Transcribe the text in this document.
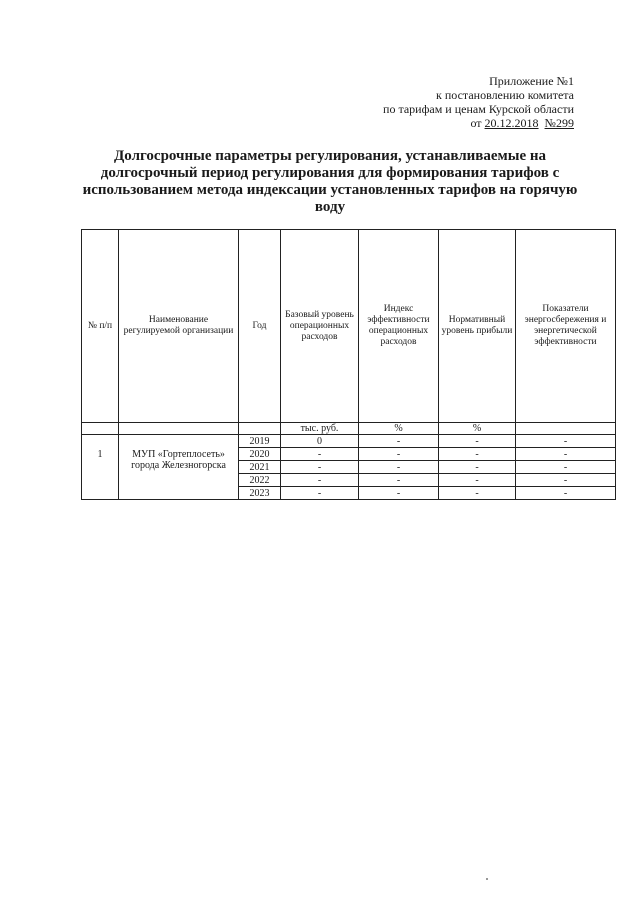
Приложение №1
к постановлению комитета
по тарифам и ценам Курской области
от 20.12.2018 №299
Долгосрочные параметры регулирования, устанавливаемые на долгосрочный период регулирования для формирования тарифов с использованием метода индексации установленных тарифов на горячую воду
№ п/п	Наименование регулируемой организации	Год	Базовый уровень операционных расходов	Индекс эффективности операционных расходов	Нормативный уровень прибыли	Показатели энергосбережения и энергетической эффективности
			тыс. руб.	%	%	
1	МУП «Гортеплосеть» города Железногорска	2019	0	-	-	-
		2020	-	-	-	-
		2021	-	-	-	-
		2022	-	-	-	-
		2023	-	-	-	-
